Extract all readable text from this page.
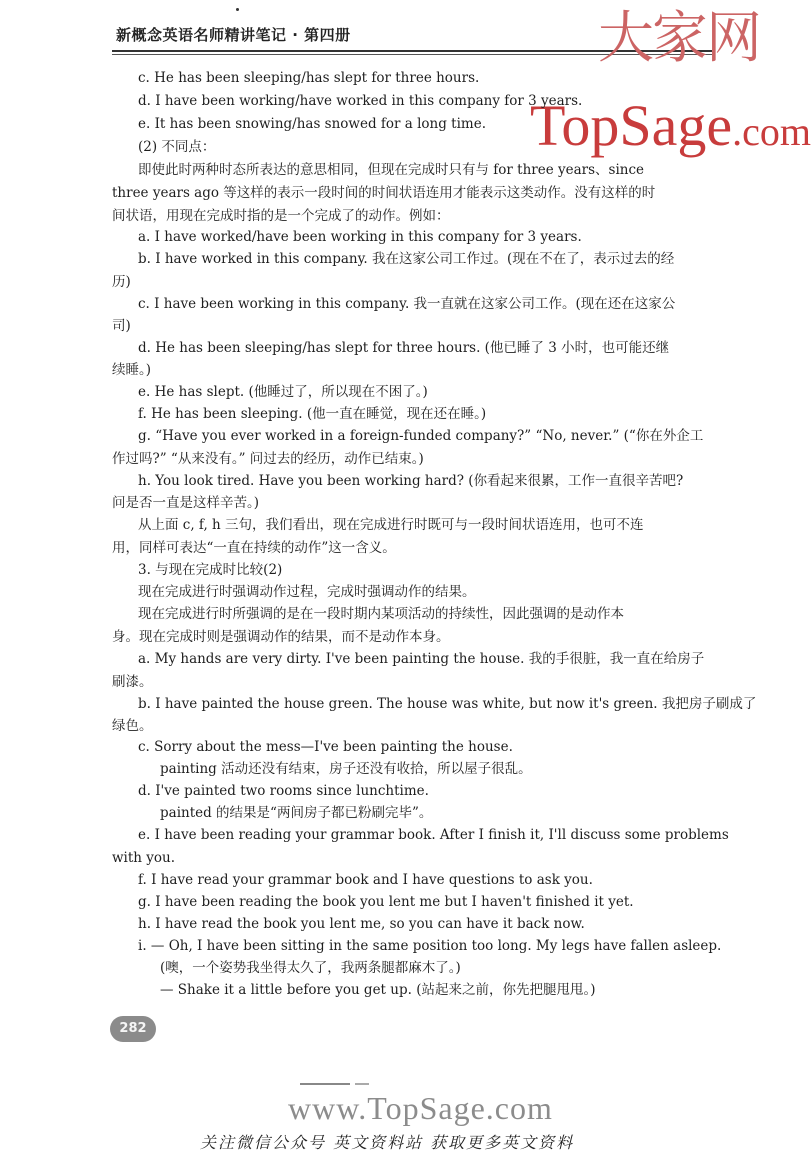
新概念英语名师精讲笔记 · 第四册	大家网
TopSage.com
c. He has been sleeping/has slept for three hours.
d. I have been working/have worked in this company for 3 years.
e. It has been snowing/has snowed for a long time.
(2) 不同点：
即使此时两种时态所表达的意思相同，但现在完成时只有与 for three years、since
three years ago 等这样的表示一段时间的时间状语连用才能表示这类动作。没有这样的时
间状语，用现在完成时指的是一个完成了的动作。例如：
a. I have worked/have been working in this company for 3 years.
b. I have worked in this company. 我在这家公司工作过。(现在不在了，表示过去的经
历)
c. I have been working in this company. 我一直就在这家公司工作。(现在还在这家公
司)
d. He has been sleeping/has slept for three hours. (他已睡了 3 小时，也可能还继
续睡。)
e. He has slept. (他睡过了，所以现在不困了。)
f. He has been sleeping. (他一直在睡觉，现在还在睡。)
g. “Have you ever worked in a foreign-funded company?” “No, never.” (“你在外企工
作过吗?” “从来没有。” 问过去的经历，动作已结束。)
h. You look tired. Have you been working hard? (你看起来很累，工作一直很辛苦吧?
问是否一直是这样辛苦。)
从上面 c, f, h 三句，我们看出，现在完成进行时既可与一段时间状语连用，也可不连
用，同样可表达“一直在持续的动作”这一含义。
3. 与现在完成时比较(2)
现在完成进行时强调动作过程，完成时强调动作的结果。
现在完成进行时所强调的是在一段时期内某项活动的持续性，因此强调的是动作本
身。现在完成时则是强调动作的结果，而不是动作本身。
a. My hands are very dirty. I've been painting the house. 我的手很脏，我一直在给房子
刷漆。
b. I have painted the house green. The house was white, but now it's green. 我把房子刷成了
绿色。
c. Sorry about the mess—I've been painting the house.
painting 活动还没有结束，房子还没有收拾，所以屋子很乱。
d. I've painted two rooms since lunchtime.
painted 的结果是“两间房子都已粉刷完毕”。
e. I have been reading your grammar book. After I finish it, I'll discuss some problems
with you.
f. I have read your grammar book and I have questions to ask you.
g. I have been reading the book you lent me but I haven't finished it yet.
h. I have read the book you lent me, so you can have it back now.
i. — Oh, I have been sitting in the same position too long. My legs have fallen asleep.
(噢，一个姿势我坐得太久了，我两条腿都麻木了。)
— Shake it a little before you get up. (站起来之前，你先把腿甩甩。)
282
www.TopSage.com
关注微信公众号 英文资料站 获取更多英文资料
